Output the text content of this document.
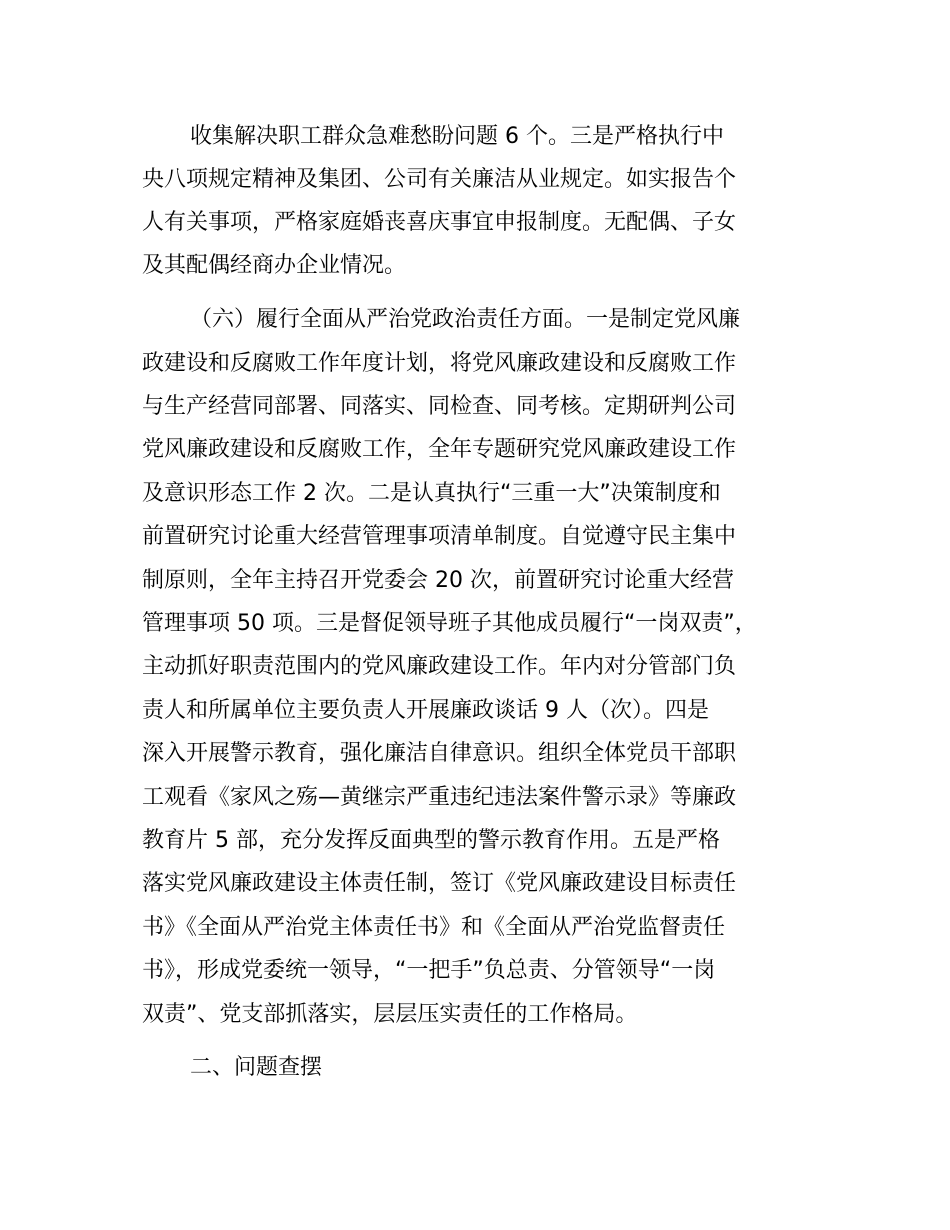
收集解决职工群众急难愁盼问题 6 个。三是严格执行中

央八项规定精神及集团、公司有关廉洁从业规定。如实报告个

人有关事项，严格家庭婚丧喜庆事宜申报制度。无配偶、子女

及其配偶经商办企业情况。

（六）履行全面从严治党政治责任方面。一是制定党风廉

政建设和反腐败工作年度计划，将党风廉政建设和反腐败工作

与生产经营同部署、同落实、同检查、同考核。定期研判公司

党风廉政建设和反腐败工作，全年专题研究党风廉政建设工作

及意识形态工作 2 次。二是认真执行“三重一大”决策制度和

前置研究讨论重大经营管理事项清单制度。自觉遵守民主集中

制原则，全年主持召开党委会 20 次，前置研究讨论重大经营

管理事项 50 项。三是督促领导班子其他成员履行“一岗双责”，

主动抓好职责范围内的党风廉政建设工作。年内对分管部门负

责人和所属单位主要负责人开展廉政谈话 9 人（次）。四是

深入开展警示教育，强化廉洁自律意识。组织全体党员干部职

工观看《家风之殇—黄继宗严重违纪违法案件警示录》等廉政

教育片 5 部，充分发挥反面典型的警示教育作用。五是严格

落实党风廉政建设主体责任制，签订《党风廉政建设目标责任

书》《全面从严治党主体责任书》和《全面从严治党监督责任

书》，形成党委统一领导，“一把手”负总责、分管领导“一岗

双责”、党支部抓落实，层层压实责任的工作格局。

二、问题查摆
